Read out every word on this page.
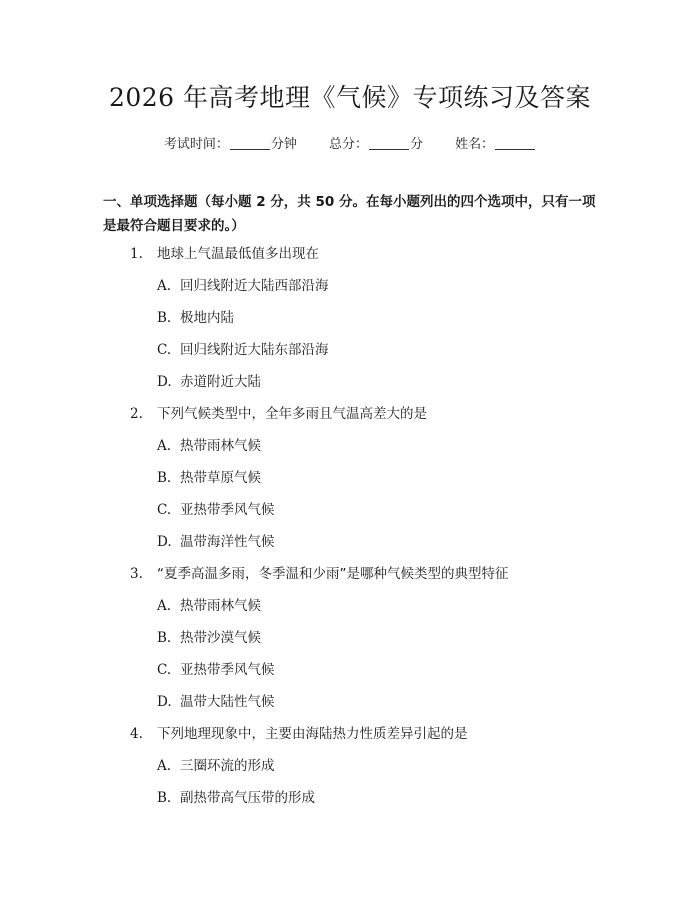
2026 年高考地理《气候》专项练习及答案
考试时间：	分钟 总分：	分 姓名：
一、单项选择题（每小题 2 分，共 50 分。在每小题列出的四个选项中，只有一项是最符合题目要求的。）
1. 地球上气温最低值多出现在
A. 回归线附近大陆西部沿海
B. 极地内陆
C. 回归线附近大陆东部沿海
D. 赤道附近大陆
2. 下列气候类型中，全年多雨且气温高差大的是
A. 热带雨林气候
B. 热带草原气候
C. 亚热带季风气候
D. 温带海洋性气候
3. “夏季高温多雨，冬季温和少雨”是哪种气候类型的典型特征
A. 热带雨林气候
B. 热带沙漠气候
C. 亚热带季风气候
D. 温带大陆性气候
4. 下列地理现象中，主要由海陆热力性质差异引起的是
A. 三圈环流的形成
B. 副热带高气压带的形成
